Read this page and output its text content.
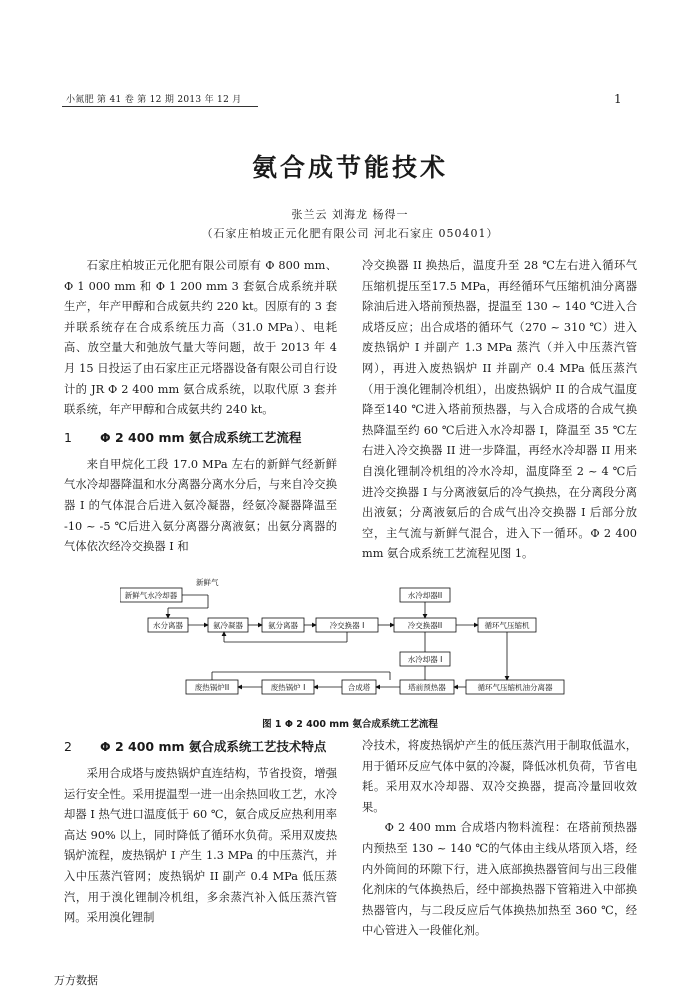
小氮肥 第 41 卷 第 12 期 2013 年 12 月	1
氨合成节能技术
张兰云 刘海龙 杨得一
（石家庄柏坡正元化肥有限公司 河北石家庄 050401）

石家庄柏坡正元化肥有限公司原有 Φ 800 mm、Φ 1 000 mm 和 Φ 1 200 mm 3 套氨合成系统并联生产，年产甲醇和合成氨共约 220 kt。因原有的 3 套并联系统存在合成系统压力高（31.0 MPa）、电耗高、放空量大和弛放气量大等问题，故于 2013 年 4 月 15 日投运了由石家庄正元塔器设备有限公司自行设计的 JR Φ 2 400 mm 氨合成系统，以取代原 3 套并联系统，年产甲醇和合成氨共约 240 kt。

1 Φ 2 400 mm 氨合成系统工艺流程

来自甲烷化工段 17.0 MPa 左右的新鲜气经新鲜气水冷却器降温和水分离器分离水分后，与来自冷交换器 I 的气体混合后进入氨冷凝器，经氨冷凝器降温至 -10 ~ -5 ℃后进入氨分离器分离液氨；出氨分离器的气体依次经冷交换器 I 和

冷交换器 II 换热后，温度升至 28 ℃左右进入循环气压缩机提压至17.5 MPa，再经循环气压缩机油分离器除油后进入塔前预热器，提温至 130 ~ 140 ℃进入合成塔反应；出合成塔的循环气（270 ~ 310 ℃）进入废热锅炉 I 并副产 1.3 MPa 蒸汽（并入中压蒸汽管网），再进入废热锅炉 II 并副产 0.4 MPa 低压蒸汽（用于溴化锂制冷机组），出废热锅炉 II 的合成气温度降至140 ℃进入塔前预热器，与入合成塔的合成气换热降温至约 60 ℃后进入水冷却器 I，降温至 35 ℃左右进入冷交换器 II 进一步降温，再经水冷却器 II 用来自溴化锂制冷机组的冷水冷却，温度降至 2 ~ 4 ℃后进冷交换器 I 与分离液氨后的冷气换热，在分离段分离出液氨；分离液氨后的合成气出冷交换器 I 后部分放空，主气流与新鲜气混合，进入下一循环。Φ 2 400 mm 氨合成系统工艺流程见图 1。

新鲜气
新鲜气水冷却器	水冷却器II
水分离器	氨冷凝器	氨分离器	冷交换器 I	冷交换器II	循环气压缩机
水冷却器 I
废热锅炉II	废热锅炉 I	合成塔	塔前预热器	循环气压缩机油分离器
图 1 Φ 2 400 mm 氨合成系统工艺流程
2 Φ 2 400 mm 氨合成系统工艺技术特点

采用合成塔与废热锅炉直连结构，节省投资，增强运行安全性。采用提温型一进一出余热回收工艺，水冷却器 I 热气进口温度低于 60 ℃，氨合成反应热利用率高达 90% 以上，同时降低了循环水负荷。采用双废热锅炉流程，废热锅炉 I 产生 1.3 MPa 的中压蒸汽，并入中压蒸汽管网；废热锅炉 II 副产 0.4 MPa 低压蒸汽，用于溴化锂制冷机组，多余蒸汽补入低压蒸汽管网。采用溴化锂制

冷技术，将废热锅炉产生的低压蒸汽用于制取低温水，用于循环反应气体中氨的冷凝，降低冰机负荷，节省电耗。采用双水冷却器、双冷交换器，提高冷量回收效果。

Φ 2 400 mm 合成塔内物料流程：在塔前预热器内预热至 130 ~ 140 ℃的气体由主线从塔顶入塔，经内外筒间的环隙下行，进入底部换热器管间与出三段催化剂床的气体换热后，经中部换热器下管箱进入中部换热器管内，与二段反应后气体换热加热至 360 ℃，经中心管进入一段催化剂。

万方数据
